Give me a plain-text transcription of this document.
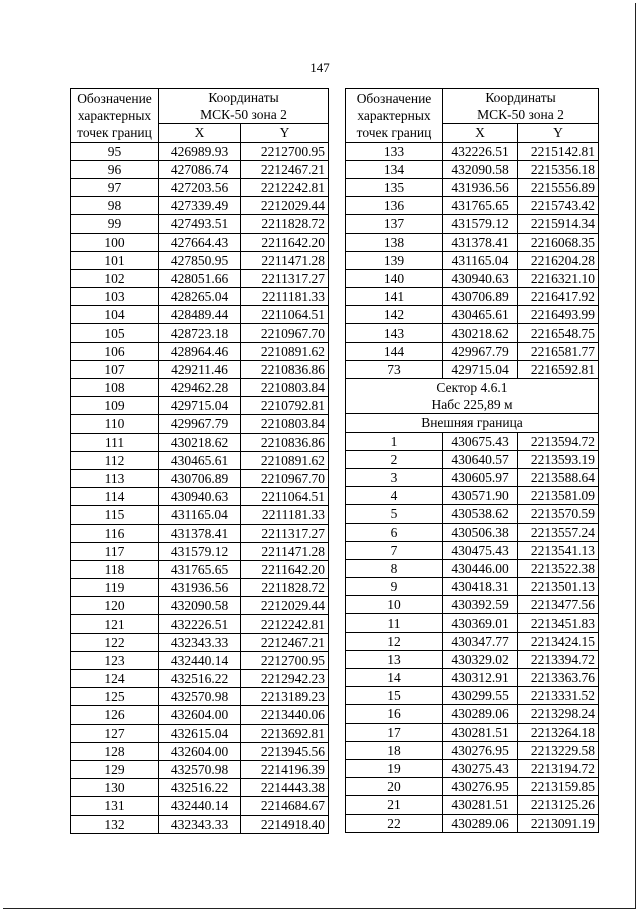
147
Обозначение характерных точек границ	Координаты	
	МСК-50 зона 2	
	X	Y
95	426989.93	2212700.95
96	427086.74	2212467.21
97	427203.56	2212242.81
98	427339.49	2212029.44
99	427493.51	2211828.72
100	427664.43	2211642.20
101	427850.95	2211471.28
102	428051.66	2211317.27
103	428265.04	2211181.33
104	428489.44	2211064.51
105	428723.18	2210967.70
106	428964.46	2210891.62
107	429211.46	2210836.86
108	429462.28	2210803.84
109	429715.04	2210792.81
110	429967.79	2210803.84
111	430218.62	2210836.86
112	430465.61	2210891.62
113	430706.89	2210967.70
114	430940.63	2211064.51
115	431165.04	2211181.33
116	431378.41	2211317.27
117	431579.12	2211471.28
118	431765.65	2211642.20
119	431936.56	2211828.72
120	432090.58	2212029.44
121	432226.51	2212242.81
122	432343.33	2212467.21
123	432440.14	2212700.95
124	432516.22	2212942.23
125	432570.98	2213189.23
126	432604.00	2213440.06
127	432615.04	2213692.81
128	432604.00	2213945.56
129	432570.98	2214196.39
130	432516.22	2214443.38
131	432440.14	2214684.67
132	432343.33	2214918.40
Обозначение характерных точек границ	Координаты	
	МСК-50 зона 2	
	X	Y
133	432226.51	2215142.81
134	432090.58	2215356.18
135	431936.56	2215556.89
136	431765.65	2215743.42
137	431579.12	2215914.34
138	431378.41	2216068.35
139	431165.04	2216204.28
140	430940.63	2216321.10
141	430706.89	2216417.92
142	430465.61	2216493.99
143	430218.62	2216548.75
144	429967.79	2216581.77
73	429715.04	2216592.81
Сектор 4.6.1		
Набс 225,89 м		
Внешняя граница		
1	430675.43	2213594.72
2	430640.57	2213593.19
3	430605.97	2213588.64
4	430571.90	2213581.09
5	430538.62	2213570.59
6	430506.38	2213557.24
7	430475.43	2213541.13
8	430446.00	2213522.38
9	430418.31	2213501.13
10	430392.59	2213477.56
11	430369.01	2213451.83
12	430347.77	2213424.15
13	430329.02	2213394.72
14	430312.91	2213363.76
15	430299.55	2213331.52
16	430289.06	2213298.24
17	430281.51	2213264.18
18	430276.95	2213229.58
19	430275.43	2213194.72
20	430276.95	2213159.85
21	430281.51	2213125.26
22	430289.06	2213091.19
